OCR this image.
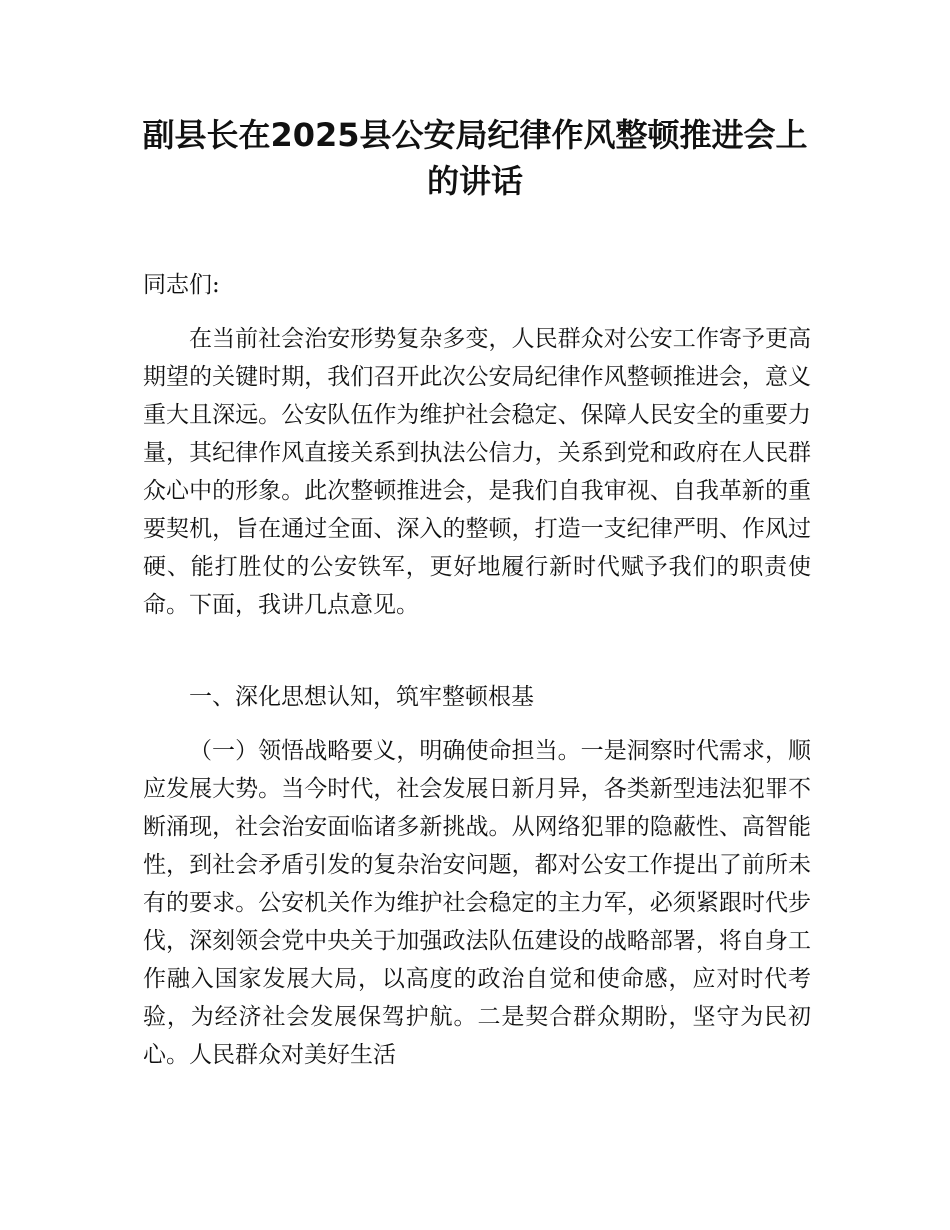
副县长在2025县公安局纪律作风整顿推进会上
的讲话

同志们:

在当前社会治安形势复杂多变，人民群众对公安工作寄予更高期望的关键时期，我们召开此次公安局纪律作风整顿推进会，意义重大且深远。公安队伍作为维护社会稳定、保障人民安全的重要力量，其纪律作风直接关系到执法公信力，关系到党和政府在人民群众心中的形象。此次整顿推进会，是我们自我审视、自我革新的重要契机，旨在通过全面、深入的整顿，打造一支纪律严明、作风过硬、能打胜仗的公安铁军，更好地履行新时代赋予我们的职责使命。下面，我讲几点意见。

一、深化思想认知，筑牢整顿根基

（一）领悟战略要义，明确使命担当。一是洞察时代需求，顺应发展大势。当今时代，社会发展日新月异，各类新型违法犯罪不断涌现，社会治安面临诸多新挑战。从网络犯罪的隐蔽性、高智能性，到社会矛盾引发的复杂治安问题，都对公安工作提出了前所未有的要求。公安机关作为维护社会稳定的主力军，必须紧跟时代步伐，深刻领会党中央关于加强政法队伍建设的战略部署，将自身工作融入国家发展大局，以高度的政治自觉和使命感，应对时代考验，为经济社会发展保驾护航。二是契合群众期盼，坚守为民初心。人民群众对美好生活
